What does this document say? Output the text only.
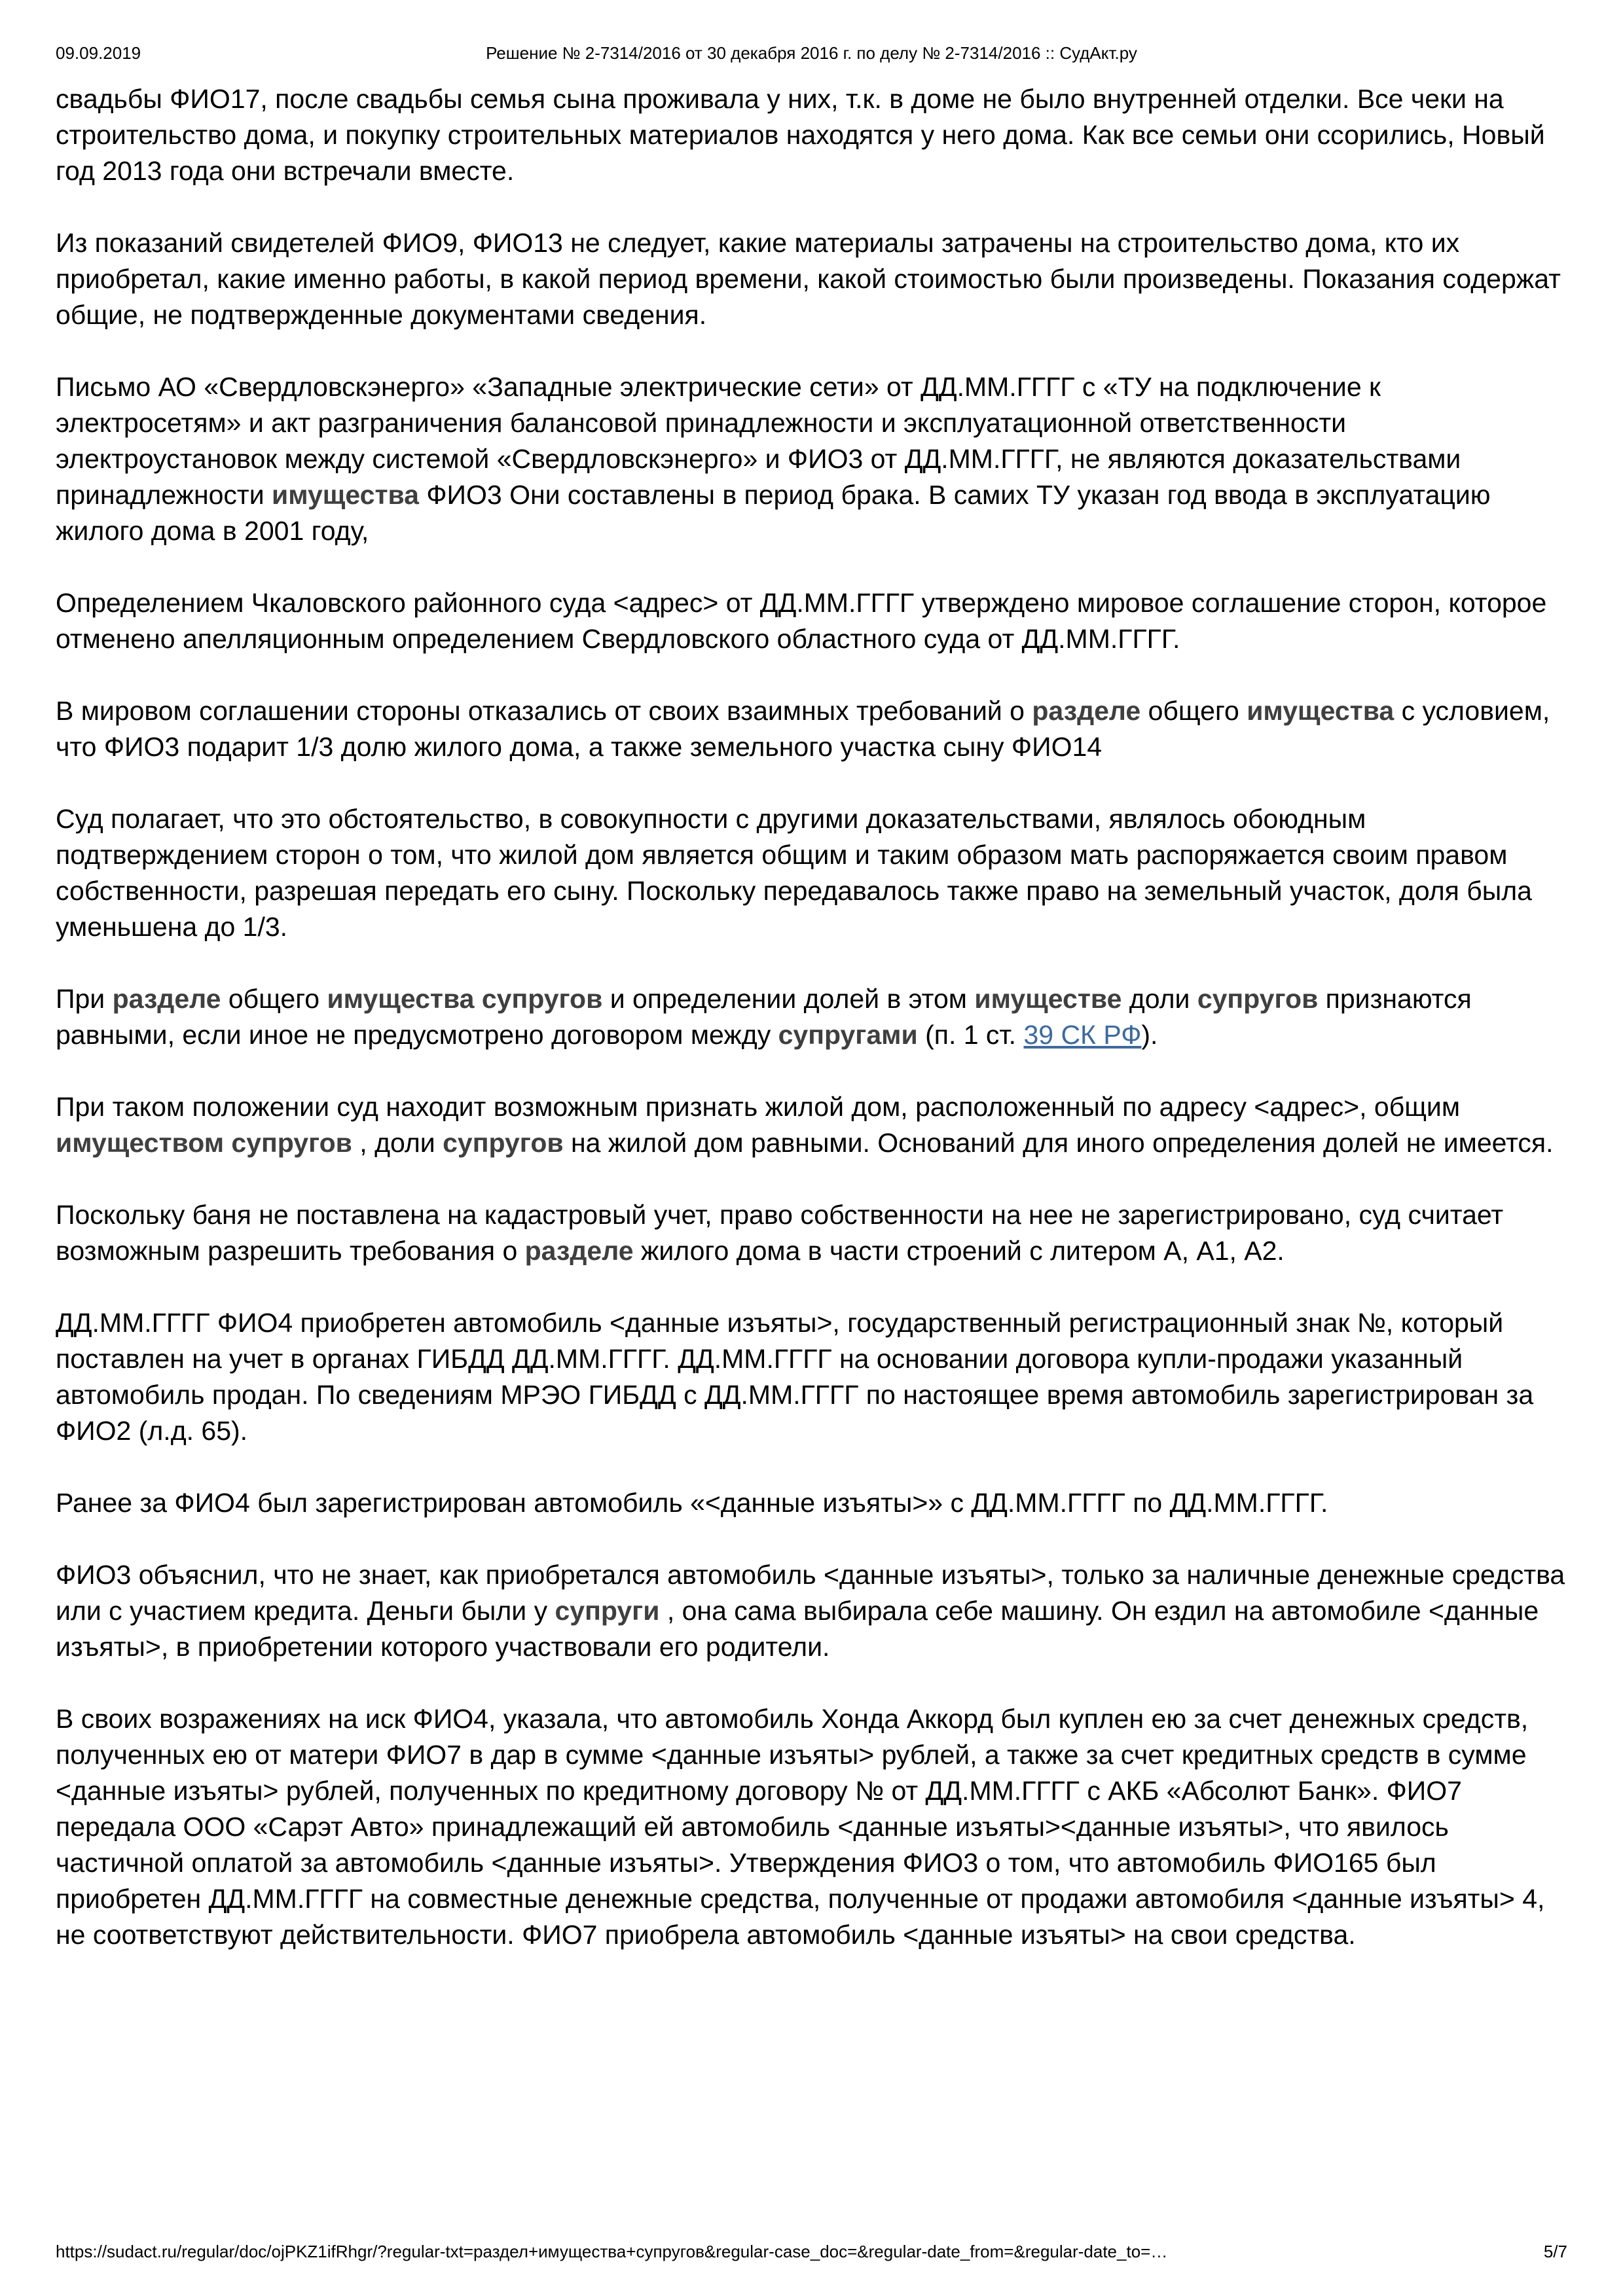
09.09.2019	Решение № 2-7314/2016 от 30 декабря 2016 г. по делу № 2-7314/2016 :: СудАкт.ру

свадьбы ФИО17, после свадьбы семья сына проживала у них, т.к. в доме не было внутренней отделки. Все чеки на строительство дома, и покупку строительных материалов находятся у него дома. Как все семьи они ссорились, Новый год 2013 года они встречали вместе.

Из показаний свидетелей ФИО9, ФИО13 не следует, какие материалы затрачены на строительство дома, кто их приобретал, какие именно работы, в какой период времени, какой стоимостью были произведены. Показания содержат общие, не подтвержденные документами сведения.

Письмо АО «Свердловскэнерго» «Западные электрические сети» от ДД.ММ.ГГГГ с «ТУ на подключение к электросетям» и акт разграничения балансовой принадлежности и эксплуатационной ответственности электроустановок между системой «Свердловскэнерго» и ФИО3 от ДД.ММ.ГГГГ, не являются доказательствами принадлежности имущества ФИО3 Они составлены в период брака. В самих ТУ указан год ввода в эксплуатацию жилого дома в 2001 году,

Определением Чкаловского районного суда <адрес> от ДД.ММ.ГГГГ утверждено мировое соглашение сторон, которое отменено апелляционным определением Свердловского областного суда от ДД.ММ.ГГГГ.

В мировом соглашении стороны отказались от своих взаимных требований о разделе общего имущества с условием, что ФИО3 подарит 1/3 долю жилого дома, а также земельного участка сыну ФИО14

Суд полагает, что это обстоятельство, в совокупности с другими доказательствами, являлось обоюдным подтверждением сторон о том, что жилой дом является общим и таким образом мать распоряжается своим правом собственности, разрешая передать его сыну. Поскольку передавалось также право на земельный участок, доля была уменьшена до 1/3.

При разделе общего имущества супругов и определении долей в этом имуществе доли супругов признаются равными, если иное не предусмотрено договором между супругами (п. 1 ст. 39 СК РФ).

При таком положении суд находит возможным признать жилой дом, расположенный по адресу <адрес>, общим имуществом супругов , доли супругов на жилой дом равными. Оснований для иного определения долей не имеется.

Поскольку баня не поставлена на кадастровый учет, право собственности на нее не зарегистрировано, суд считает возможным разрешить требования о разделе жилого дома в части строений с литером А, А1, А2.

ДД.ММ.ГГГГ ФИО4 приобретен автомобиль <данные изъяты>, государственный регистрационный знак №, который поставлен на учет в органах ГИБДД ДД.ММ.ГГГГ. ДД.ММ.ГГГГ на основании договора купли-продажи указанный автомобиль продан. По сведениям МРЭО ГИБДД с ДД.ММ.ГГГГ по настоящее время автомобиль зарегистрирован за ФИО2 (л.д. 65).

Ранее за ФИО4 был зарегистрирован автомобиль «<данные изъяты>» с ДД.ММ.ГГГГ по ДД.ММ.ГГГГ.

ФИО3 объяснил, что не знает, как приобретался автомобиль <данные изъяты>, только за наличные денежные средства или с участием кредита. Деньги были у супруги , она сама выбирала себе машину. Он ездил на автомобиле <данные изъяты>, в приобретении которого участвовали его родители.

В своих возражениях на иск ФИО4, указала, что автомобиль Хонда Аккорд был куплен ею за счет денежных средств, полученных ею от матери ФИО7 в дар в сумме <данные изъяты> рублей, а также за счет кредитных средств в сумме <данные изъяты> рублей, полученных по кредитному договору № от ДД.ММ.ГГГГ с АКБ «Абсолют Банк». ФИО7 передала ООО «Сарэт Авто» принадлежащий ей автомобиль <данные изъяты><данные изъяты>, что явилось частичной оплатой за автомобиль <данные изъяты>. Утверждения ФИО3 о том, что автомобиль ФИО165 был приобретен ДД.ММ.ГГГГ на совместные денежные средства, полученные от продажи автомобиля <данные изъяты> 4, не соответствуют действительности. ФИО7 приобрела автомобиль <данные изъяты> на свои средства.

https://sudact.ru/regular/doc/ojPKZ1ifRhgr/?regular-txt=раздел+имущества+супругов&regular-case_doc=&regular-date_from=&regular-date_to=…	5/7
